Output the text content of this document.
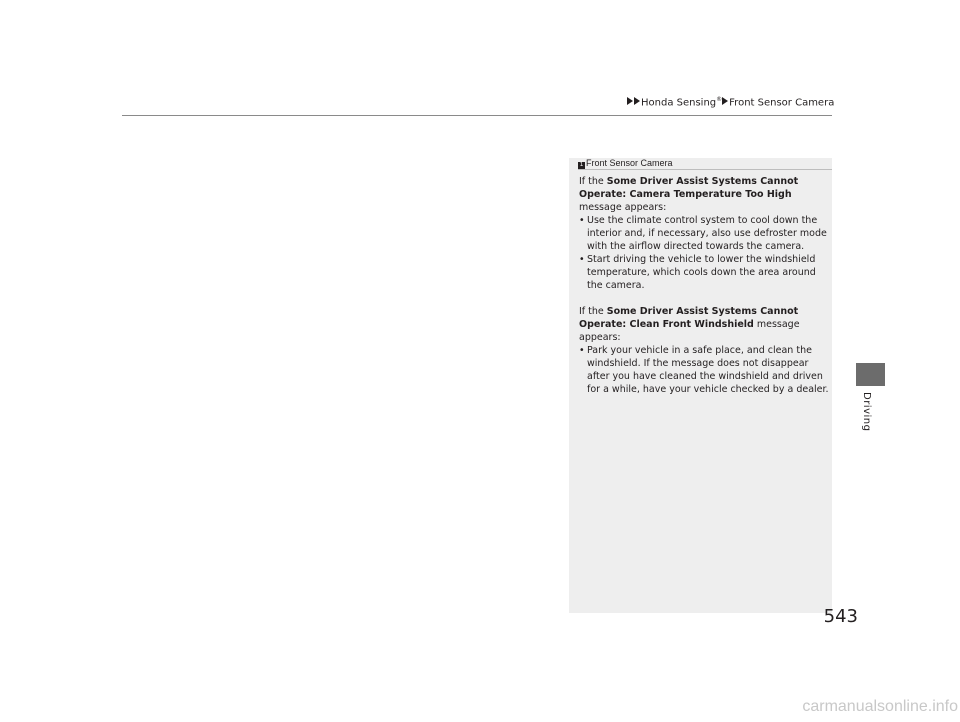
Honda Sensing® Front Sensor Camera
1 Front Sensor Camera

If the Some Driver Assist Systems Cannot Operate: Camera Temperature Too High message appears:

• Use the climate control system to cool down the interior and, if necessary, also use defroster mode with the airflow directed towards the camera.

• Start driving the vehicle to lower the windshield temperature, which cools down the area around the camera.

If the Some Driver Assist Systems Cannot Operate: Clean Front Windshield message appears:

• Park your vehicle in a safe place, and clean the windshield. If the message does not disappear after you have cleaned the windshield and driven for a while, have your vehicle checked by a dealer.

Driving
543
carmanualsonline.info
